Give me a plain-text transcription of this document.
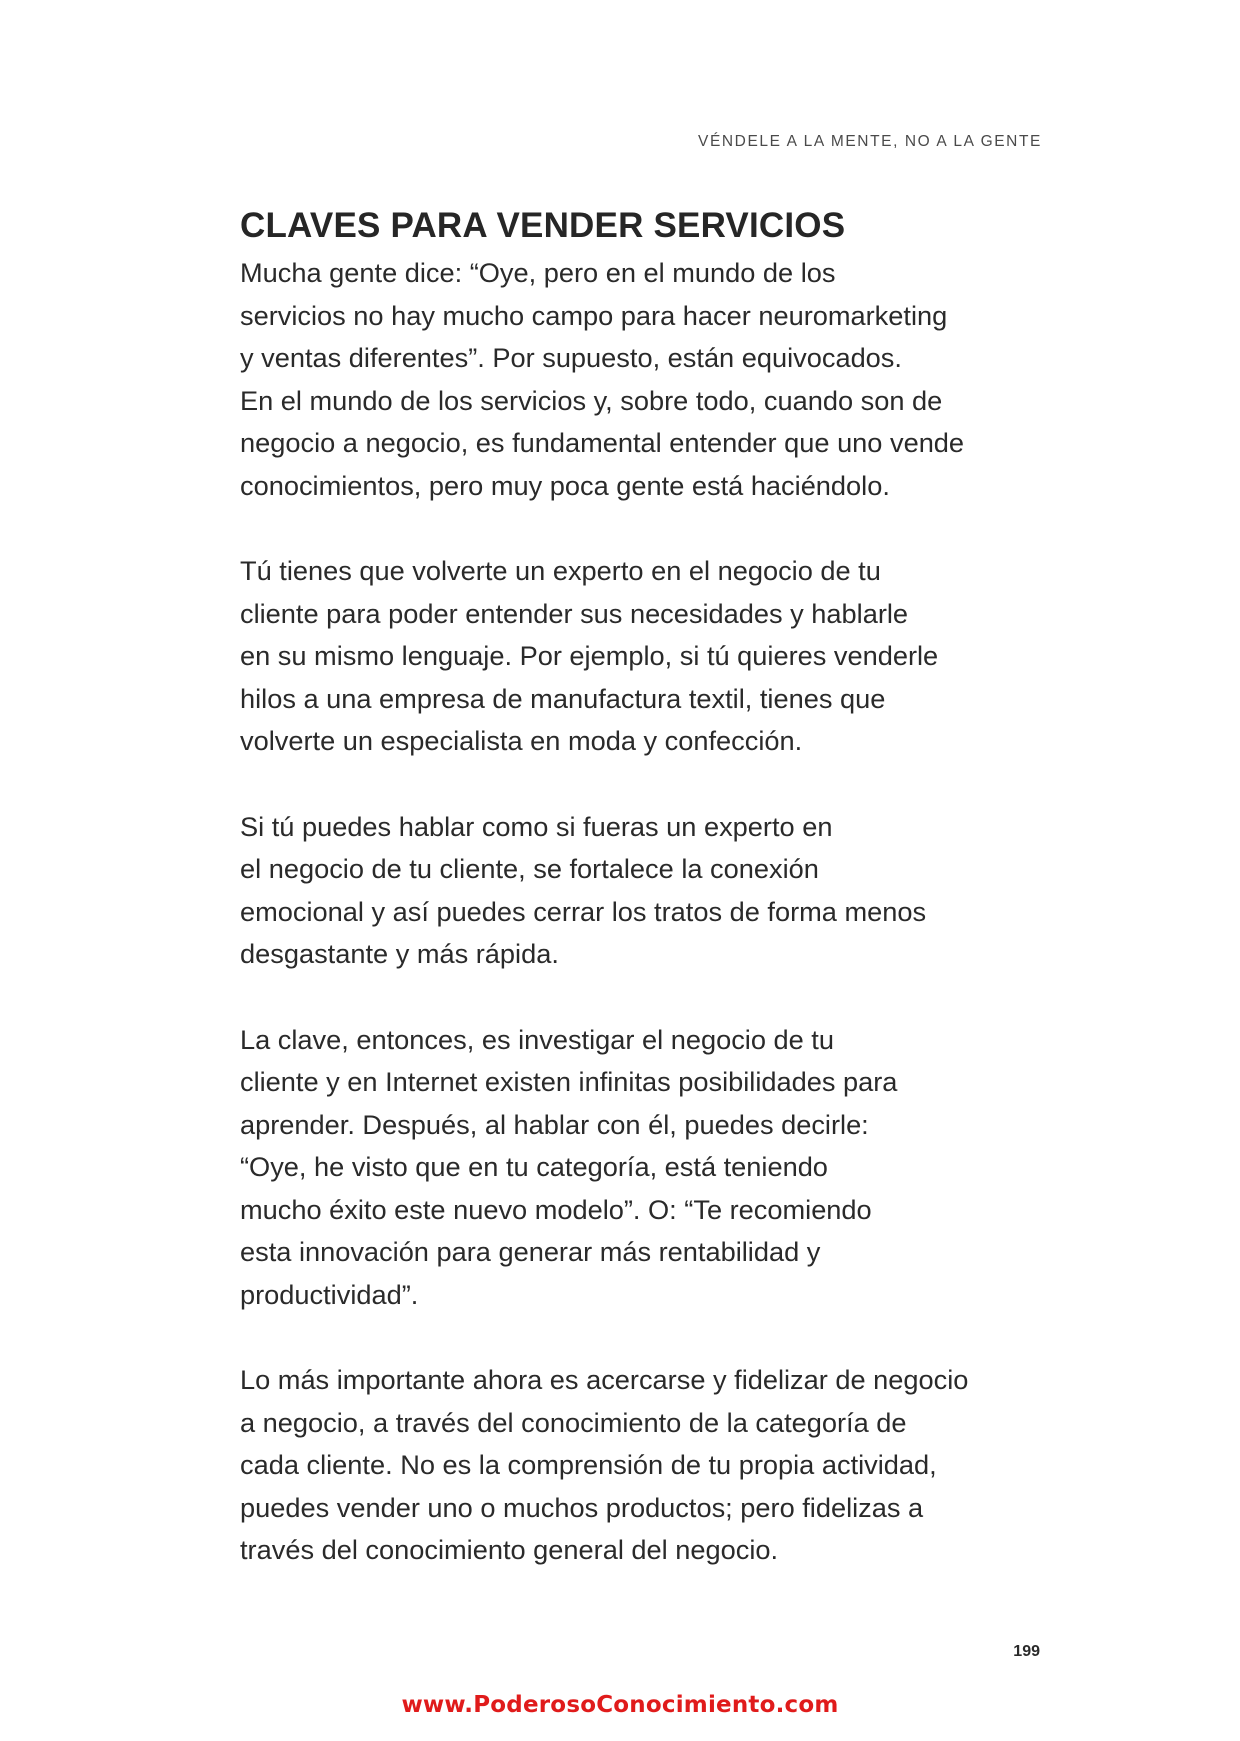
VÉNDELE A LA MENTE, NO A LA GENTE
CLAVES PARA VENDER SERVICIOS

Mucha gente dice: “Oye, pero en el mundo de los
servicios no hay mucho campo para hacer neuromarketing
y ventas diferentes”. Por supuesto, están equivocados.
En el mundo de los servicios y, sobre todo, cuando son de
negocio a negocio, es fundamental entender que uno vende
conocimientos, pero muy poca gente está haciéndolo.

Tú tienes que volverte un experto en el negocio de tu
cliente para poder entender sus necesidades y hablarle
en su mismo lenguaje. Por ejemplo, si tú quieres venderle
hilos a una empresa de manufactura textil, tienes que
volverte un especialista en moda y confección.

Si tú puedes hablar como si fueras un experto en
el negocio de tu cliente, se fortalece la conexión
emocional y así puedes cerrar los tratos de forma menos
desgastante y más rápida.

La clave, entonces, es investigar el negocio de tu
cliente y en Internet existen infinitas posibilidades para
aprender. Después, al hablar con él, puedes decirle:
“Oye, he visto que en tu categoría, está teniendo
mucho éxito este nuevo modelo”. O: “Te recomiendo
esta innovación para generar más rentabilidad y
productividad”.

Lo más importante ahora es acercarse y fidelizar de negocio
a negocio, a través del conocimiento de la categoría de
cada cliente. No es la comprensión de tu propia actividad,
puedes vender uno o muchos productos; pero fidelizas a
través del conocimiento general del negocio.

199
www.PoderosoConocimiento.com
